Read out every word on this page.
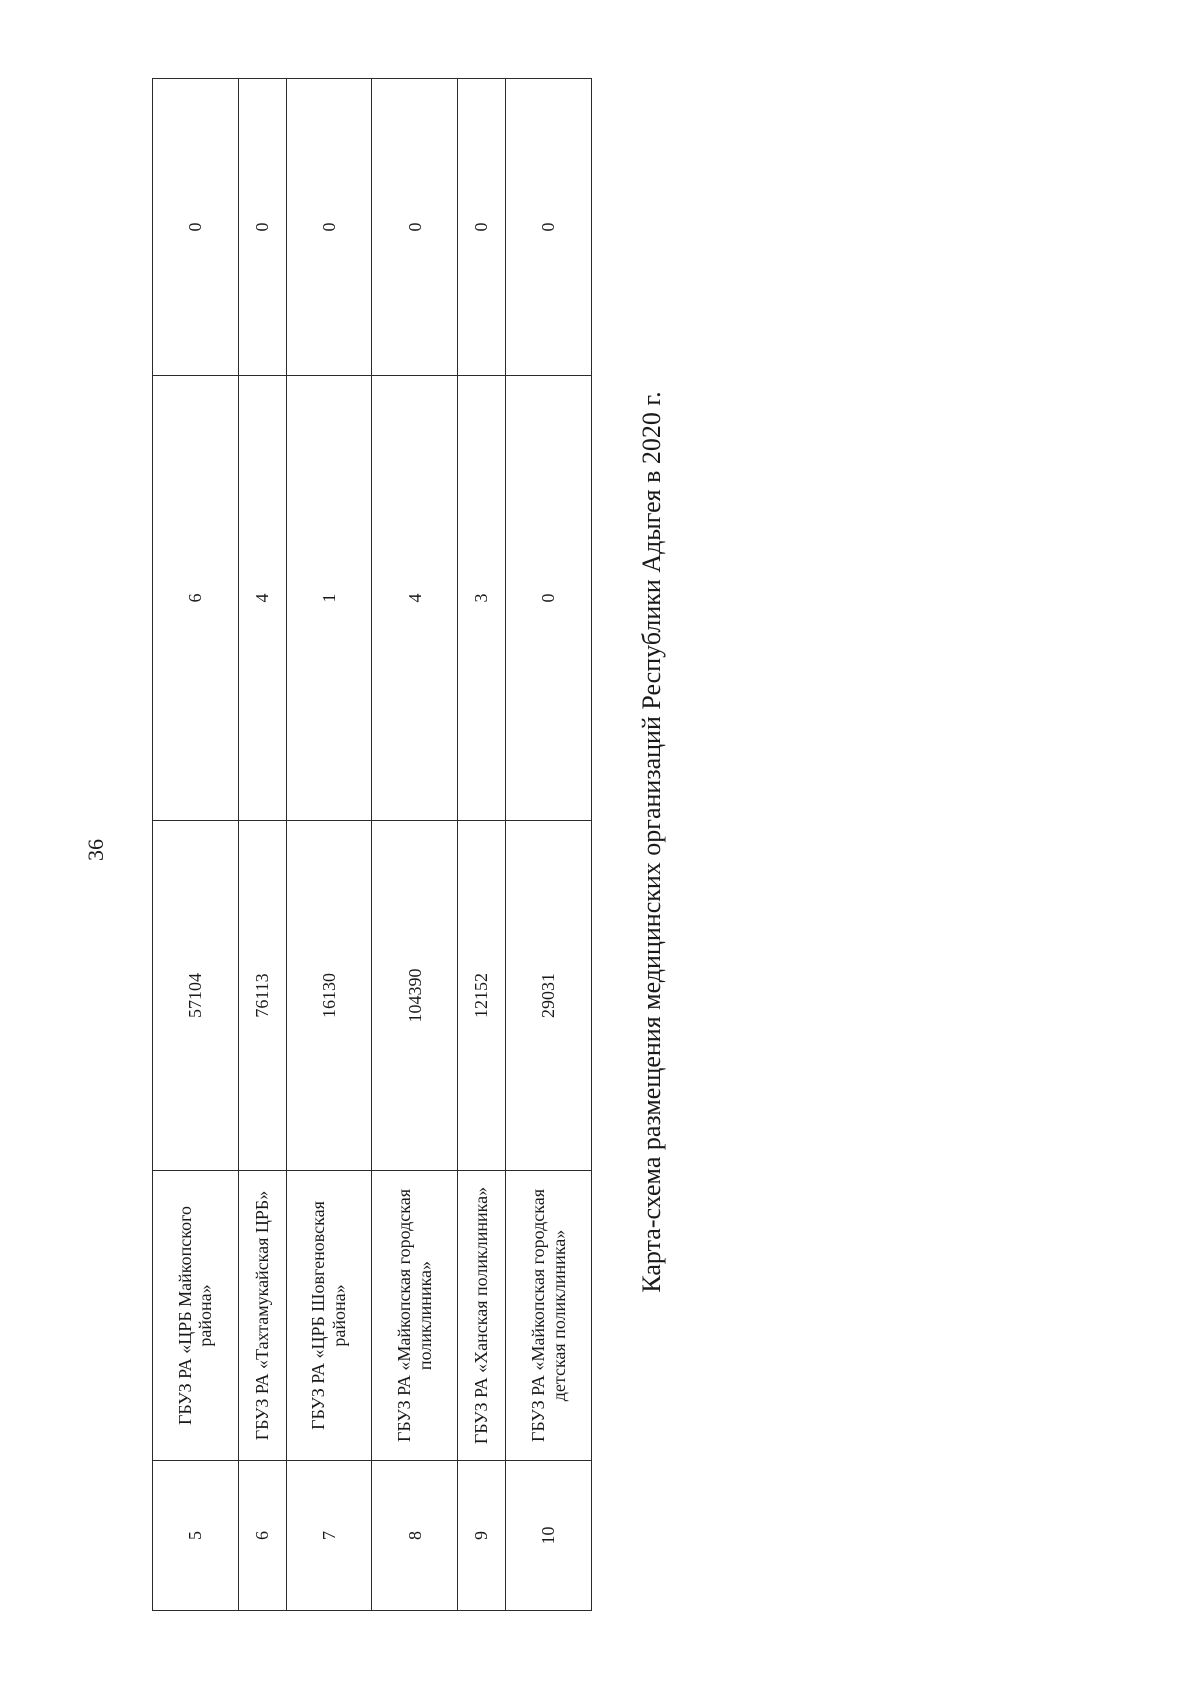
36
5	ГБУЗ РА «ЦРБ Майкопского района»	57104	6	0
6	ГБУЗ РА «Тахтамукайская ЦРБ»	76113	4	0
7	ГБУЗ РА «ЦРБ Шовгеновская района»	16130	1	0
8	ГБУЗ РА «Майкопская городская поликлиника»	104390	4	0
9	ГБУЗ РА «Ханская поликлиника»	12152	3	0
10	ГБУЗ РА «Майкопская городская детская поликлиника»	29031	0	0
Карта-схема размещения медицинских организаций Республики Адыгея в 2020 г.
